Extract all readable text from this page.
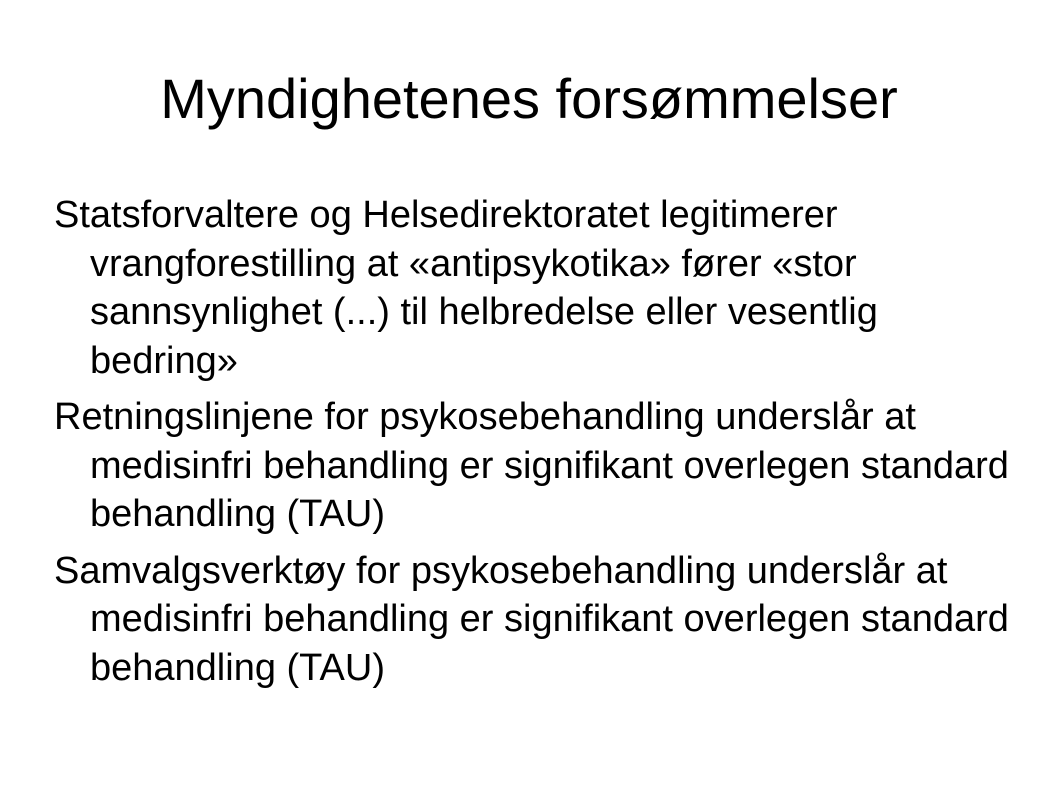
Myndighetenes forsømmelser
Statsforvaltere og Helsedirektoratet legitimerer vrangforestilling at «antipsykotika» fører «stor sannsynlighet (...) til helbredelse eller vesentlig bedring»
Retningslinjene for psykosebehandling underslår at medisinfri behandling er signifikant overlegen standard behandling (TAU)
Samvalgsverktøy for psykosebehandling underslår at medisinfri behandling er signifikant overlegen standard behandling (TAU)
